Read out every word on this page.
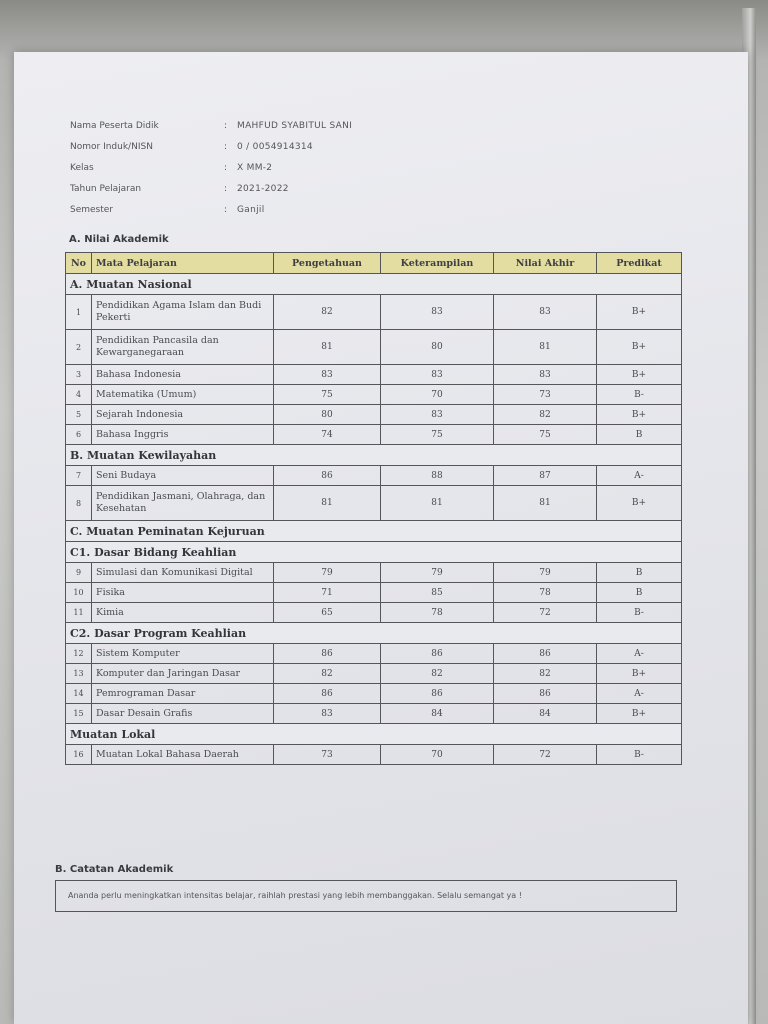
Nama Peserta Didik	: MAHFUD SYABITUL SANI
Nomor Induk/NISN	: 0 / 0054914314
Kelas	: X MM-2
Tahun Pelajaran	: 2021-2022
Semester	: Ganjil
A. Nilai Akademik
No	Mata Pelajaran	Pengetahuan	Keterampilan	Nilai Akhir	Predikat
A. Muatan Nasional					
1	Pendidikan Agama Islam dan Budi Pekerti	82	83	83	B+
2	Pendidikan Pancasila dan Kewarganegaraan	81	80	81	B+
3	Bahasa Indonesia	83	83	83	B+
4	Matematika (Umum)	75	70	73	B-
5	Sejarah Indonesia	80	83	82	B+
6	Bahasa Inggris	74	75	75	B
B. Muatan Kewilayahan					
7	Seni Budaya	86	88	87	A-
8	Pendidikan Jasmani, Olahraga, dan Kesehatan	81	81	81	B+
C. Muatan Peminatan Kejuruan					
C1. Dasar Bidang Keahlian					
9	Simulasi dan Komunikasi Digital	79	79	79	B
10	Fisika	71	85	78	B
11	Kimia	65	78	72	B-
C2. Dasar Program Keahlian					
12	Sistem Komputer	86	86	86	A-
13	Komputer dan Jaringan Dasar	82	82	82	B+
14	Pemrograman Dasar	86	86	86	A-
15	Dasar Desain Grafis	83	84	84	B+
Muatan Lokal					
16	Muatan Lokal Bahasa Daerah	73	70	72	B-
B. Catatan Akademik
Ananda perlu meningkatkan intensitas belajar, raihlah prestasi yang lebih membanggakan. Selalu semangat ya !
